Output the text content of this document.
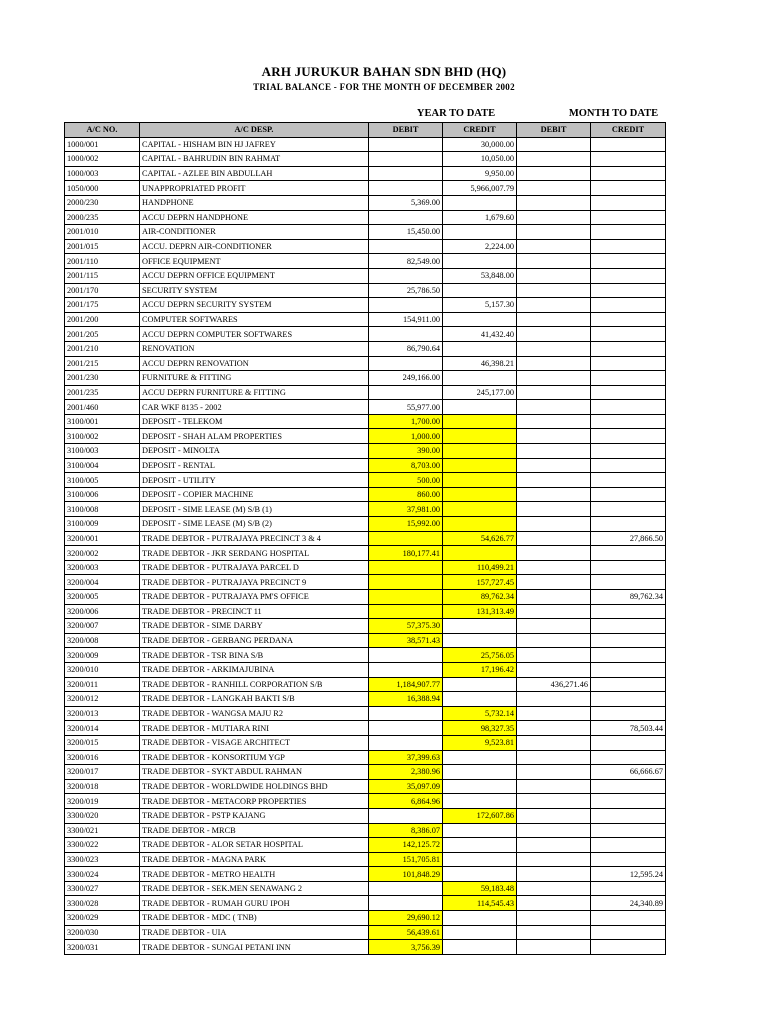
ARH JURUKUR BAHAN SDN BHD (HQ)
TRIAL BALANCE - FOR THE MONTH OF DECEMBER 2002
YEAR TO DATE	MONTH TO DATE
A/C NO.	A/C DESP.	DEBIT	CREDIT	DEBIT	CREDIT
1000/001	CAPITAL - HISHAM BIN HJ JAFREY		30,000.00		
1000/002	CAPITAL - BAHRUDIN BIN RAHMAT		10,050.00		
1000/003	CAPITAL - AZLEE BIN ABDULLAH		9,950.00		
1050/000	UNAPPROPRIATED PROFIT		5,966,007.79		
2000/230	HANDPHONE	5,369.00			
2000/235	ACCU DEPRN HANDPHONE		1,679.60		
2001/010	AIR-CONDITIONER	15,450.00			
2001/015	ACCU. DEPRN AIR-CONDITIONER		2,224.00		
2001/110	OFFICE EQUIPMENT	82,549.00			
2001/115	ACCU DEPRN OFFICE EQUIPMENT		53,848.00		
2001/170	SECURITY SYSTEM	25,786.50			
2001/175	ACCU DEPRN SECURITY SYSTEM		5,157.30		
2001/200	COMPUTER SOFTWARES	154,911.00			
2001/205	ACCU DEPRN COMPUTER SOFTWARES		41,432.40		
2001/210	RENOVATION	86,790.64			
2001/215	ACCU DEPRN RENOVATION		46,398.21		
2001/230	FURNITURE & FITTING	249,166.00			
2001/235	ACCU DEPRN FURNITURE & FITTING		245,177.00		
2001/460	CAR WKF 8135 - 2002	55,977.00			
3100/001	DEPOSIT - TELEKOM	1,700.00			
3100/002	DEPOSIT - SHAH ALAM PROPERTIES	1,000.00			
3100/003	DEPOSIT - MINOLTA	390.00			
3100/004	DEPOSIT - RENTAL	8,703.00			
3100/005	DEPOSIT - UTILITY	500.00			
3100/006	DEPOSIT - COPIER MACHINE	860.00			
3100/008	DEPOSIT - SIME LEASE (M) S/B (1)	37,981.00			
3100/009	DEPOSIT - SIME LEASE (M) S/B (2)	15,992.00			
3200/001	TRADE DEBTOR - PUTRAJAYA PRECINCT 3 & 4		54,626.77		27,866.50
3200/002	TRADE DEBTOR - JKR SERDANG HOSPITAL	180,177.41			
3200/003	TRADE DEBTOR - PUTRAJAYA PARCEL D		110,499.21		
3200/004	TRADE DEBTOR - PUTRAJAYA PRECINCT 9		157,727.45		
3200/005	TRADE DEBTOR - PUTRAJAYA PM'S OFFICE		89,762.34		89,762.34
3200/006	TRADE DEBTOR - PRECINCT 11		131,313.49		
3200/007	TRADE DEBTOR - SIME DARBY	57,375.30			
3200/008	TRADE DEBTOR - GERBANG PERDANA	38,571.43			
3200/009	TRADE DEBTOR - TSR BINA S/B		25,756.05		
3200/010	TRADE DEBTOR - ARKIMAJUBINA		17,196.42		
3200/011	TRADE DEBTOR - RANHILL CORPORATION S/B	1,184,907.77		436,271.46	
3200/012	TRADE DEBTOR - LANGKAH BAKTI S/B	16,388.94			
3200/013	TRADE DEBTOR - WANGSA MAJU R2		5,732.14		
3200/014	TRADE DEBTOR - MUTIARA RINI		98,327.35		78,503.44
3200/015	TRADE DEBTOR - VISAGE ARCHITECT		9,523.81		
3200/016	TRADE DEBTOR - KONSORTIUM YGP	37,399.63			
3200/017	TRADE DEBTOR - SYKT ABDUL RAHMAN	2,380.96			66,666.67
3200/018	TRADE DEBTOR - WORLDWIDE HOLDINGS BHD	35,097.09			
3200/019	TRADE DEBTOR - METACORP PROPERTIES	6,864.96			
3300/020	TRADE DEBTOR - PSTP KAJANG		172,607.86		
3300/021	TRADE DEBTOR - MRCB	8,386.07			
3300/022	TRADE DEBTOR - ALOR SETAR HOSPITAL	142,125.72			
3300/023	TRADE DEBTOR - MAGNA PARK	151,705.81			
3300/024	TRADE DEBTOR - METRO HEALTH	101,848.29			12,595.24
3300/027	TRADE DEBTOR - SEK.MEN SENAWANG 2		59,183.48		
3300/028	TRADE DEBTOR - RUMAH GURU IPOH		114,545.43		24,340.89
3200/029	TRADE DEBTOR - MDC ( TNB)	29,690.12			
3200/030	TRADE DEBTOR - UIA	56,439.61			
3200/031	TRADE DEBTOR - SUNGAI PETANI INN	3,756.39			
